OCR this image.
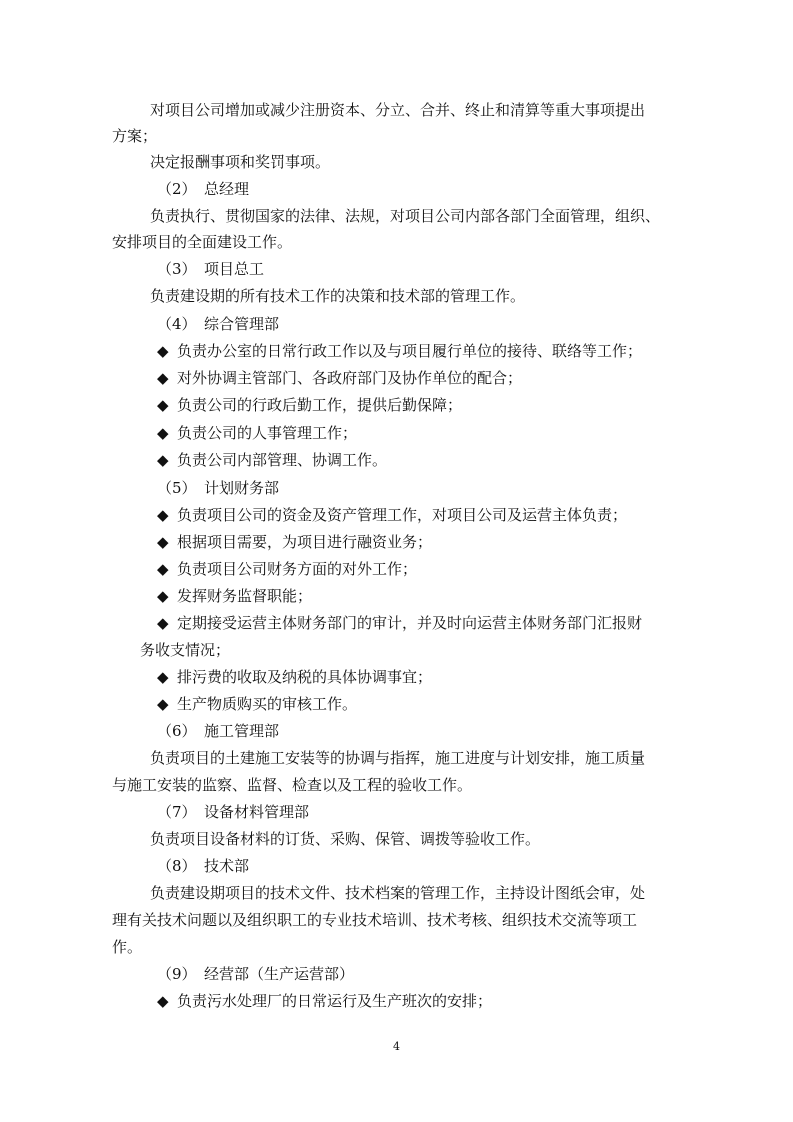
对项目公司增加或减少注册资本、分立、合并、终止和清算等重大事项提出
方案；
决定报酬事项和奖罚事项。
（2） 总经理
负责执行、贯彻国家的法律、法规，对项目公司内部各部门全面管理，组织、
安排项目的全面建设工作。
（3） 项目总工
负责建设期的所有技术工作的决策和技术部的管理工作。
（4） 综合管理部
◆ 负责办公室的日常行政工作以及与项目履行单位的接待、联络等工作；
◆ 对外协调主管部门、各政府部门及协作单位的配合；
◆ 负责公司的行政后勤工作，提供后勤保障；
◆ 负责公司的人事管理工作；
◆ 负责公司内部管理、协调工作。
（5） 计划财务部
◆ 负责项目公司的资金及资产管理工作，对项目公司及运营主体负责；
◆ 根据项目需要，为项目进行融资业务；
◆ 负责项目公司财务方面的对外工作；
◆ 发挥财务监督职能；
◆ 定期接受运营主体财务部门的审计，并及时向运营主体财务部门汇报财
务收支情况；
◆ 排污费的收取及纳税的具体协调事宜；
◆ 生产物质购买的审核工作。
（6） 施工管理部
负责项目的土建施工安装等的协调与指挥，施工进度与计划安排，施工质量
与施工安装的监察、监督、检查以及工程的验收工作。
（7） 设备材料管理部
负责项目设备材料的订货、采购、保管、调拨等验收工作。
（8） 技术部
负责建设期项目的技术文件、技术档案的管理工作，主持设计图纸会审，处
理有关技术问题以及组织职工的专业技术培训、技术考核、组织技术交流等项工
作。
（9） 经营部（生产运营部）
◆ 负责污水处理厂的日常运行及生产班次的安排；
4
